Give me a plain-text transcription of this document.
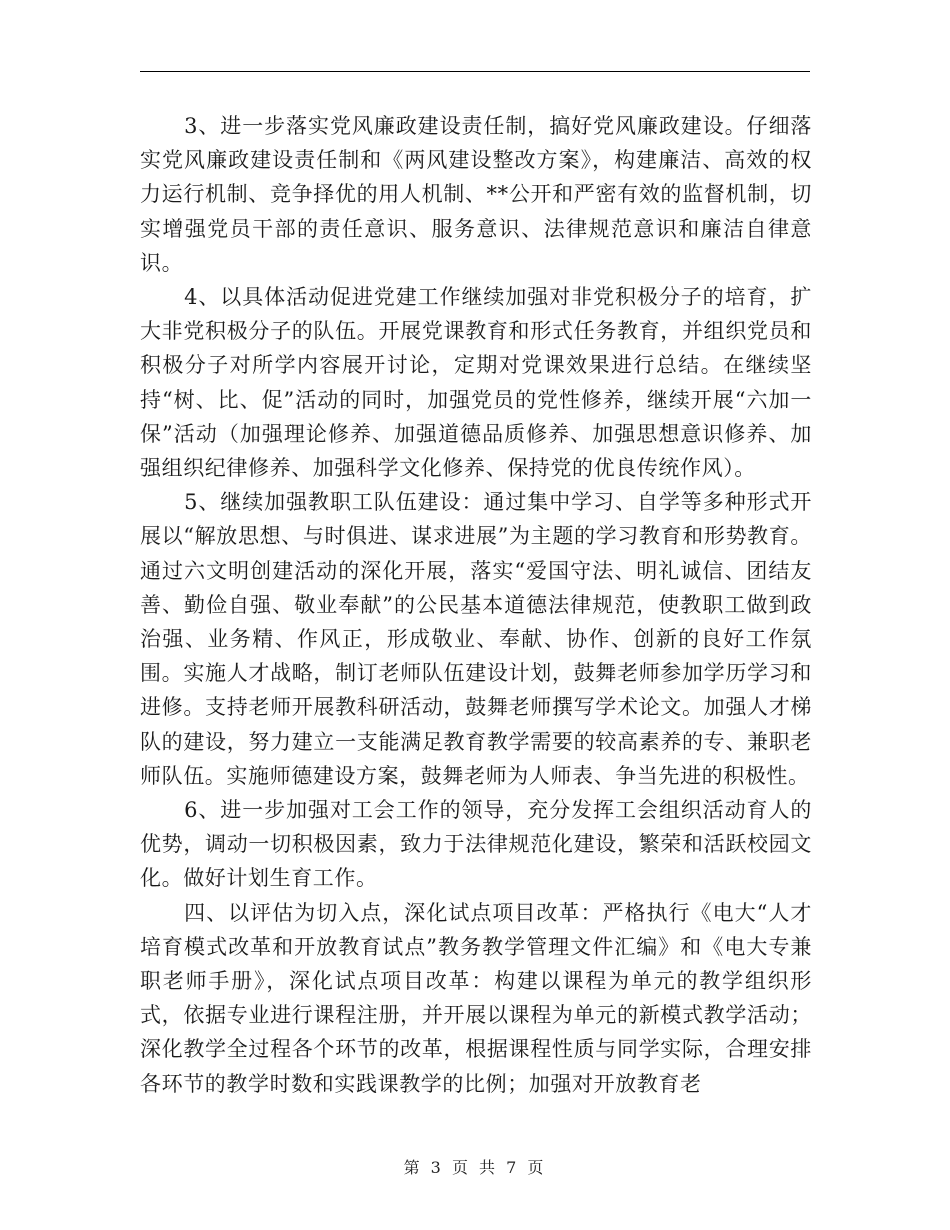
3、进一步落实党风廉政建设责任制，搞好党风廉政建设。仔细落实党风廉政建设责任制和《两风建设整改方案》，构建廉洁、高效的权力运行机制、竞争择优的用人机制、**公开和严密有效的监督机制，切实增强党员干部的责任意识、服务意识、法律规范意识和廉洁自律意识。

4、以具体活动促进党建工作继续加强对非党积极分子的培育，扩大非党积极分子的队伍。开展党课教育和形式任务教育，并组织党员和积极分子对所学内容展开讨论，定期对党课效果进行总结。在继续坚持“树、比、促”活动的同时，加强党员的党性修养，继续开展“六加一保”活动（加强理论修养、加强道德品质修养、加强思想意识修养、加强组织纪律修养、加强科学文化修养、保持党的优良传统作风）。

5、继续加强教职工队伍建设：通过集中学习、自学等多种形式开展以“解放思想、与时俱进、谋求进展”为主题的学习教育和形势教育。通过六文明创建活动的深化开展，落实“爱国守法、明礼诚信、团结友善、勤俭自强、敬业奉献”的公民基本道德法律规范，使教职工做到政治强、业务精、作风正，形成敬业、奉献、协作、创新的良好工作氛围。实施人才战略，制订老师队伍建设计划，鼓舞老师参加学历学习和进修。支持老师开展教科研活动，鼓舞老师撰写学术论文。加强人才梯队的建设，努力建立一支能满足教育教学需要的较高素养的专、兼职老师队伍。实施师德建设方案，鼓舞老师为人师表、争当先进的积极性。

6、进一步加强对工会工作的领导，充分发挥工会组织活动育人的优势，调动一切积极因素，致力于法律规范化建设，繁荣和活跃校园文化。做好计划生育工作。

四、以评估为切入点，深化试点项目改革：严格执行《电大“人才培育模式改革和开放教育试点”教务教学管理文件汇编》和《电大专兼职老师手册》，深化试点项目改革：构建以课程为单元的教学组织形式，依据专业进行课程注册，并开展以课程为单元的新模式教学活动；深化教学全过程各个环节的改革，根据课程性质与同学实际，合理安排各环节的教学时数和实践课教学的比例；加强对开放教育老

第 3 页 共 7 页
